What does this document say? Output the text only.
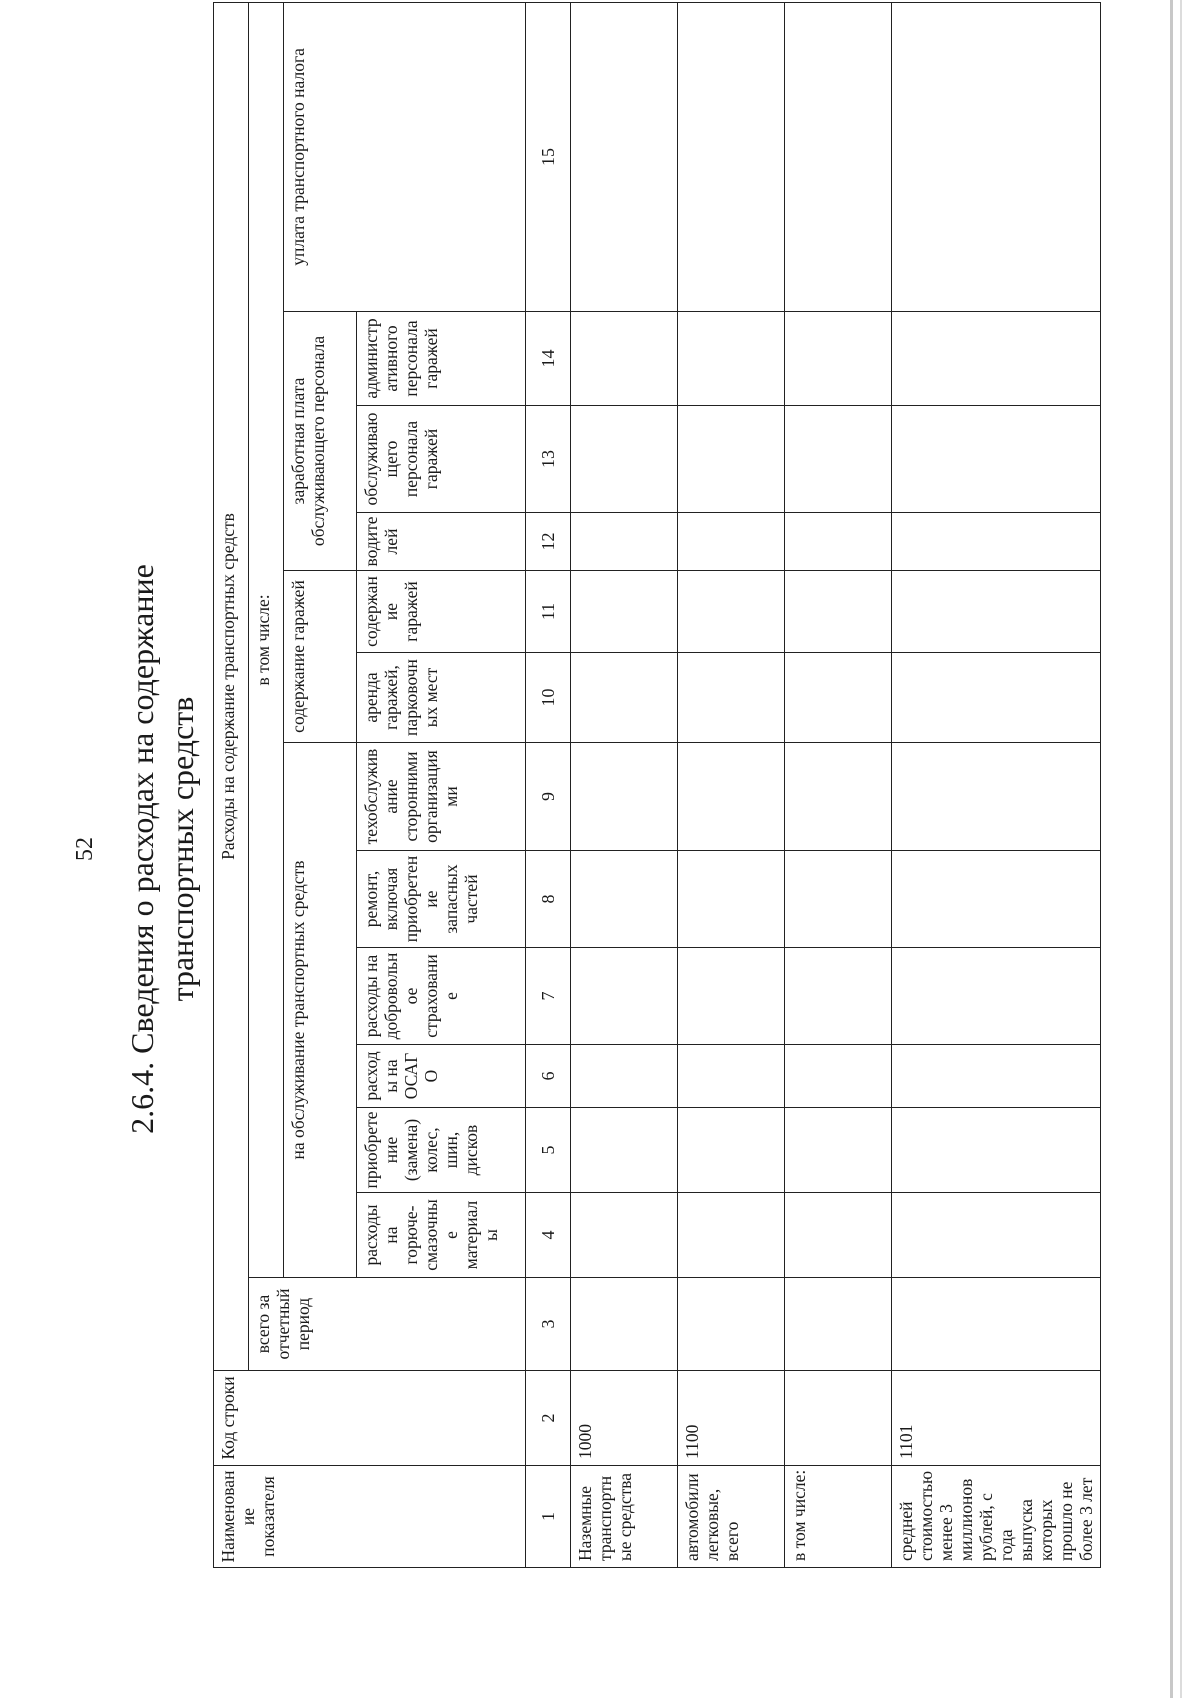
52 2.6.4. Сведения о расходах на содержание транспортных средств
Наименование показателя	Код строки	Расходы на содержание транспортных средств												
		всего за отчетный период	в том числе:											
			на обслуживание транспортных средств						содержание гаражей		заработная плата обслуживающего персонала			уплата транспортного налога
			расходы на горюче-смазочные материалы	приобретение (замена) колес, шин, дисков	расходы на ОСАГО	расходы на добровольное страхование	ремонт, включая приобретение запасных частей	техобслуживание сторонними организациями	аренда гаражей, парковочных мест	содержание гаражей	водителей	обслуживающего персонала гаражей	административного персонала гаражей	
1	2	3	4	5	6	7	8	9	10	11	12	13	14	15
Наземные транспортные средства	1000													
автомобили легковые, всего	1100													
в том числе:														
средней стоимостью менее 3 миллионов рублей, с года выпуска которых прошло не более 3 лет	1101													
